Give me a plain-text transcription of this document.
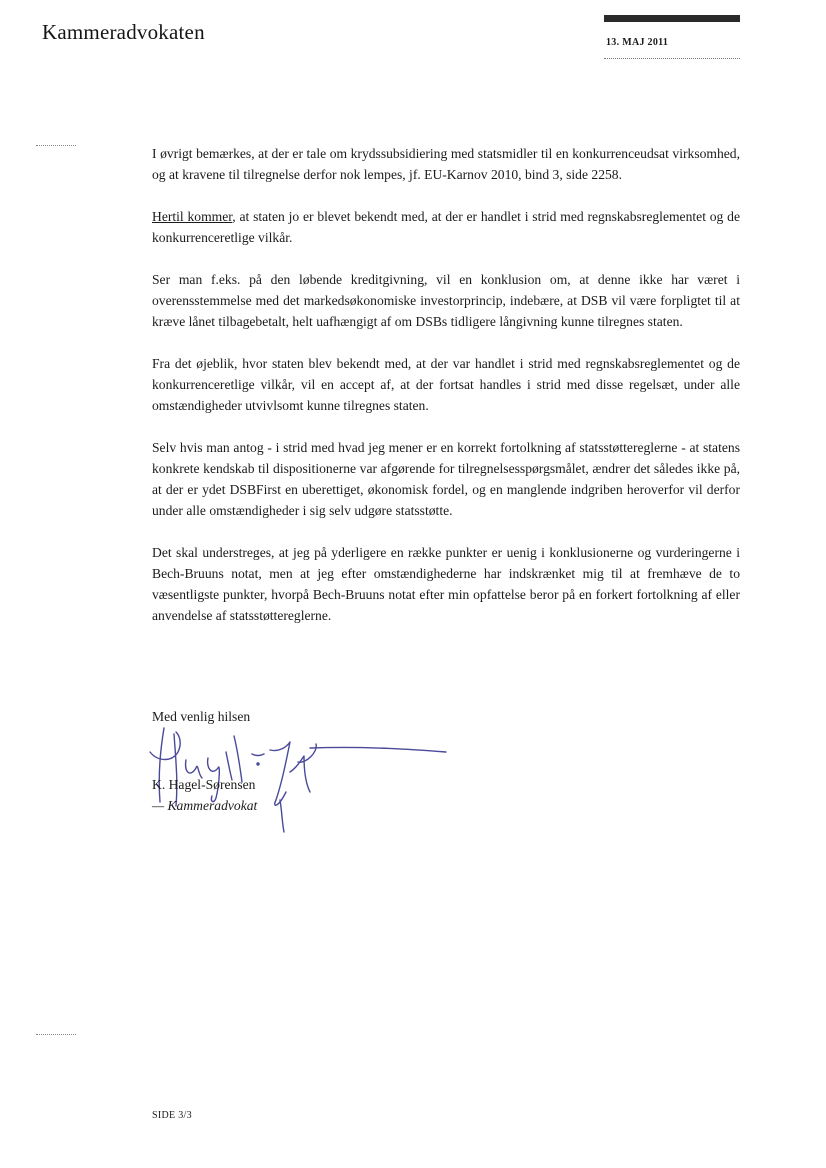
Kammeradvokaten	13. MAJ 2011

I øvrigt bemærkes, at der er tale om krydssubsidiering med statsmidler til en konkurrenceudsat virksomhed, og at kravene til tilregnelse derfor nok lempes, jf. EU-Karnov 2010, bind 3, side 2258.

Hertil kommer, at staten jo er blevet bekendt med, at der er handlet i strid med regnskabsreglementet og de konkurrenceretlige vilkår.

Ser man f.eks. på den løbende kreditgivning, vil en konklusion om, at denne ikke har været i overensstemmelse med det markedsøkonomiske investorprincip, indebære, at DSB vil være forpligtet til at kræve lånet tilbagebetalt, helt uafhængigt af om DSBs tidligere långivning kunne tilregnes staten.

Fra det øjeblik, hvor staten blev bekendt med, at der var handlet i strid med regnskabsreglementet og de konkurrenceretlige vilkår, vil en accept af, at der fortsat handles i strid med disse regelsæt, under alle omstændigheder utvivlsomt kunne tilregnes staten.

Selv hvis man antog - i strid med hvad jeg mener er en korrekt fortolkning af statsstøttereglerne - at statens konkrete kendskab til dispositionerne var afgørende for tilregnelsesspørgsmålet, ændrer det således ikke på, at der er ydet DSBFirst en uberettiget, økonomisk fordel, og en manglende indgriben heroverfor vil derfor under alle omstændigheder i sig selv udgøre statsstøtte.

Det skal understreges, at jeg på yderligere en række punkter er uenig i konklusionerne og vurderingerne i Bech-Bruuns notat, men at jeg efter omstændighederne har indskrænket mig til at fremhæve de to væsentligste punkter, hvorpå Bech-Bruuns notat efter min opfattelse beror på en forkert fortolkning af eller anvendelse af statsstøttereglerne.

Med venlig hilsen
K. Hagel-Sørensen
— Kammeradvokat
SIDE 3/3
